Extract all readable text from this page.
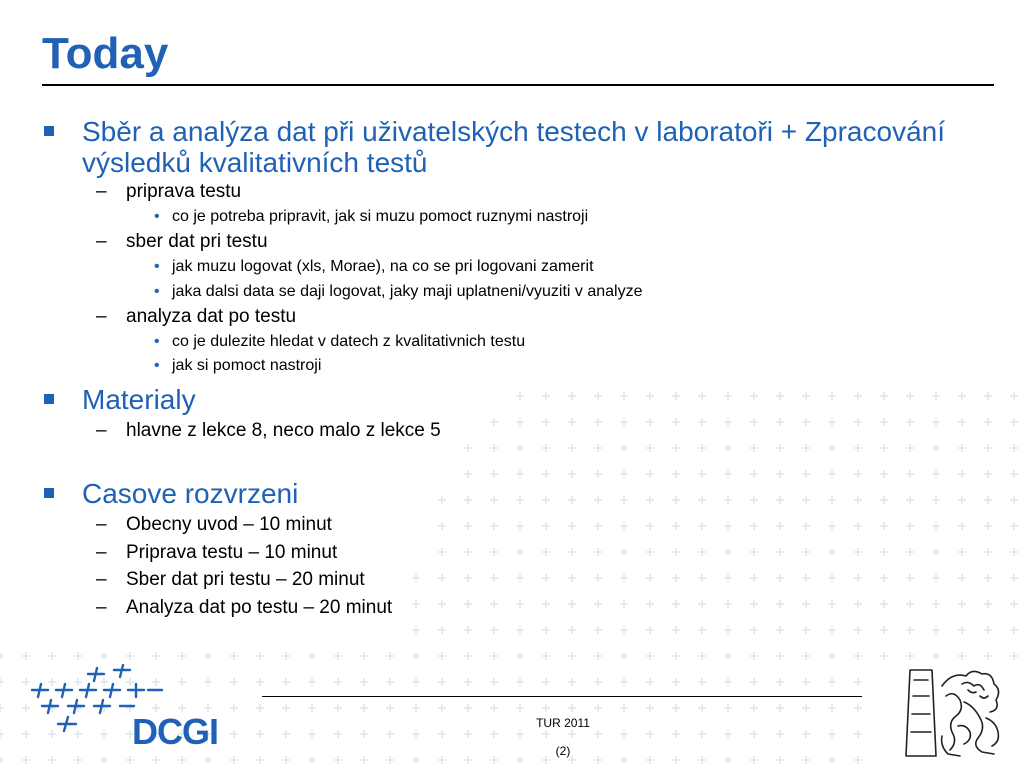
Today
Sběr a analýza dat při uživatelských testech v laboratoři + Zpracování výsledků kvalitativních testů
– priprava testu
• co je potreba pripravit, jak si muzu pomoct ruznymi nastroji
– sber dat pri testu
• jak muzu logovat (xls, Morae), na co se pri logovani zamerit
• jaka dalsi data se daji logovat, jaky maji uplatneni/vyuziti v analyze
– analyza dat po testu
• co je dulezite hledat v datech z kvalitativnich testu
• jak si pomoct nastroji
Materialy
– hlavne z lekce 8, neco malo z lekce 5
Casove rozvrzeni
– Obecny uvod – 10 minut
– Priprava testu – 10 minut
– Sber dat pri testu – 20 minut
– Analyza dat po testu – 20 minut
DCGI	TUR 2011
(2)
